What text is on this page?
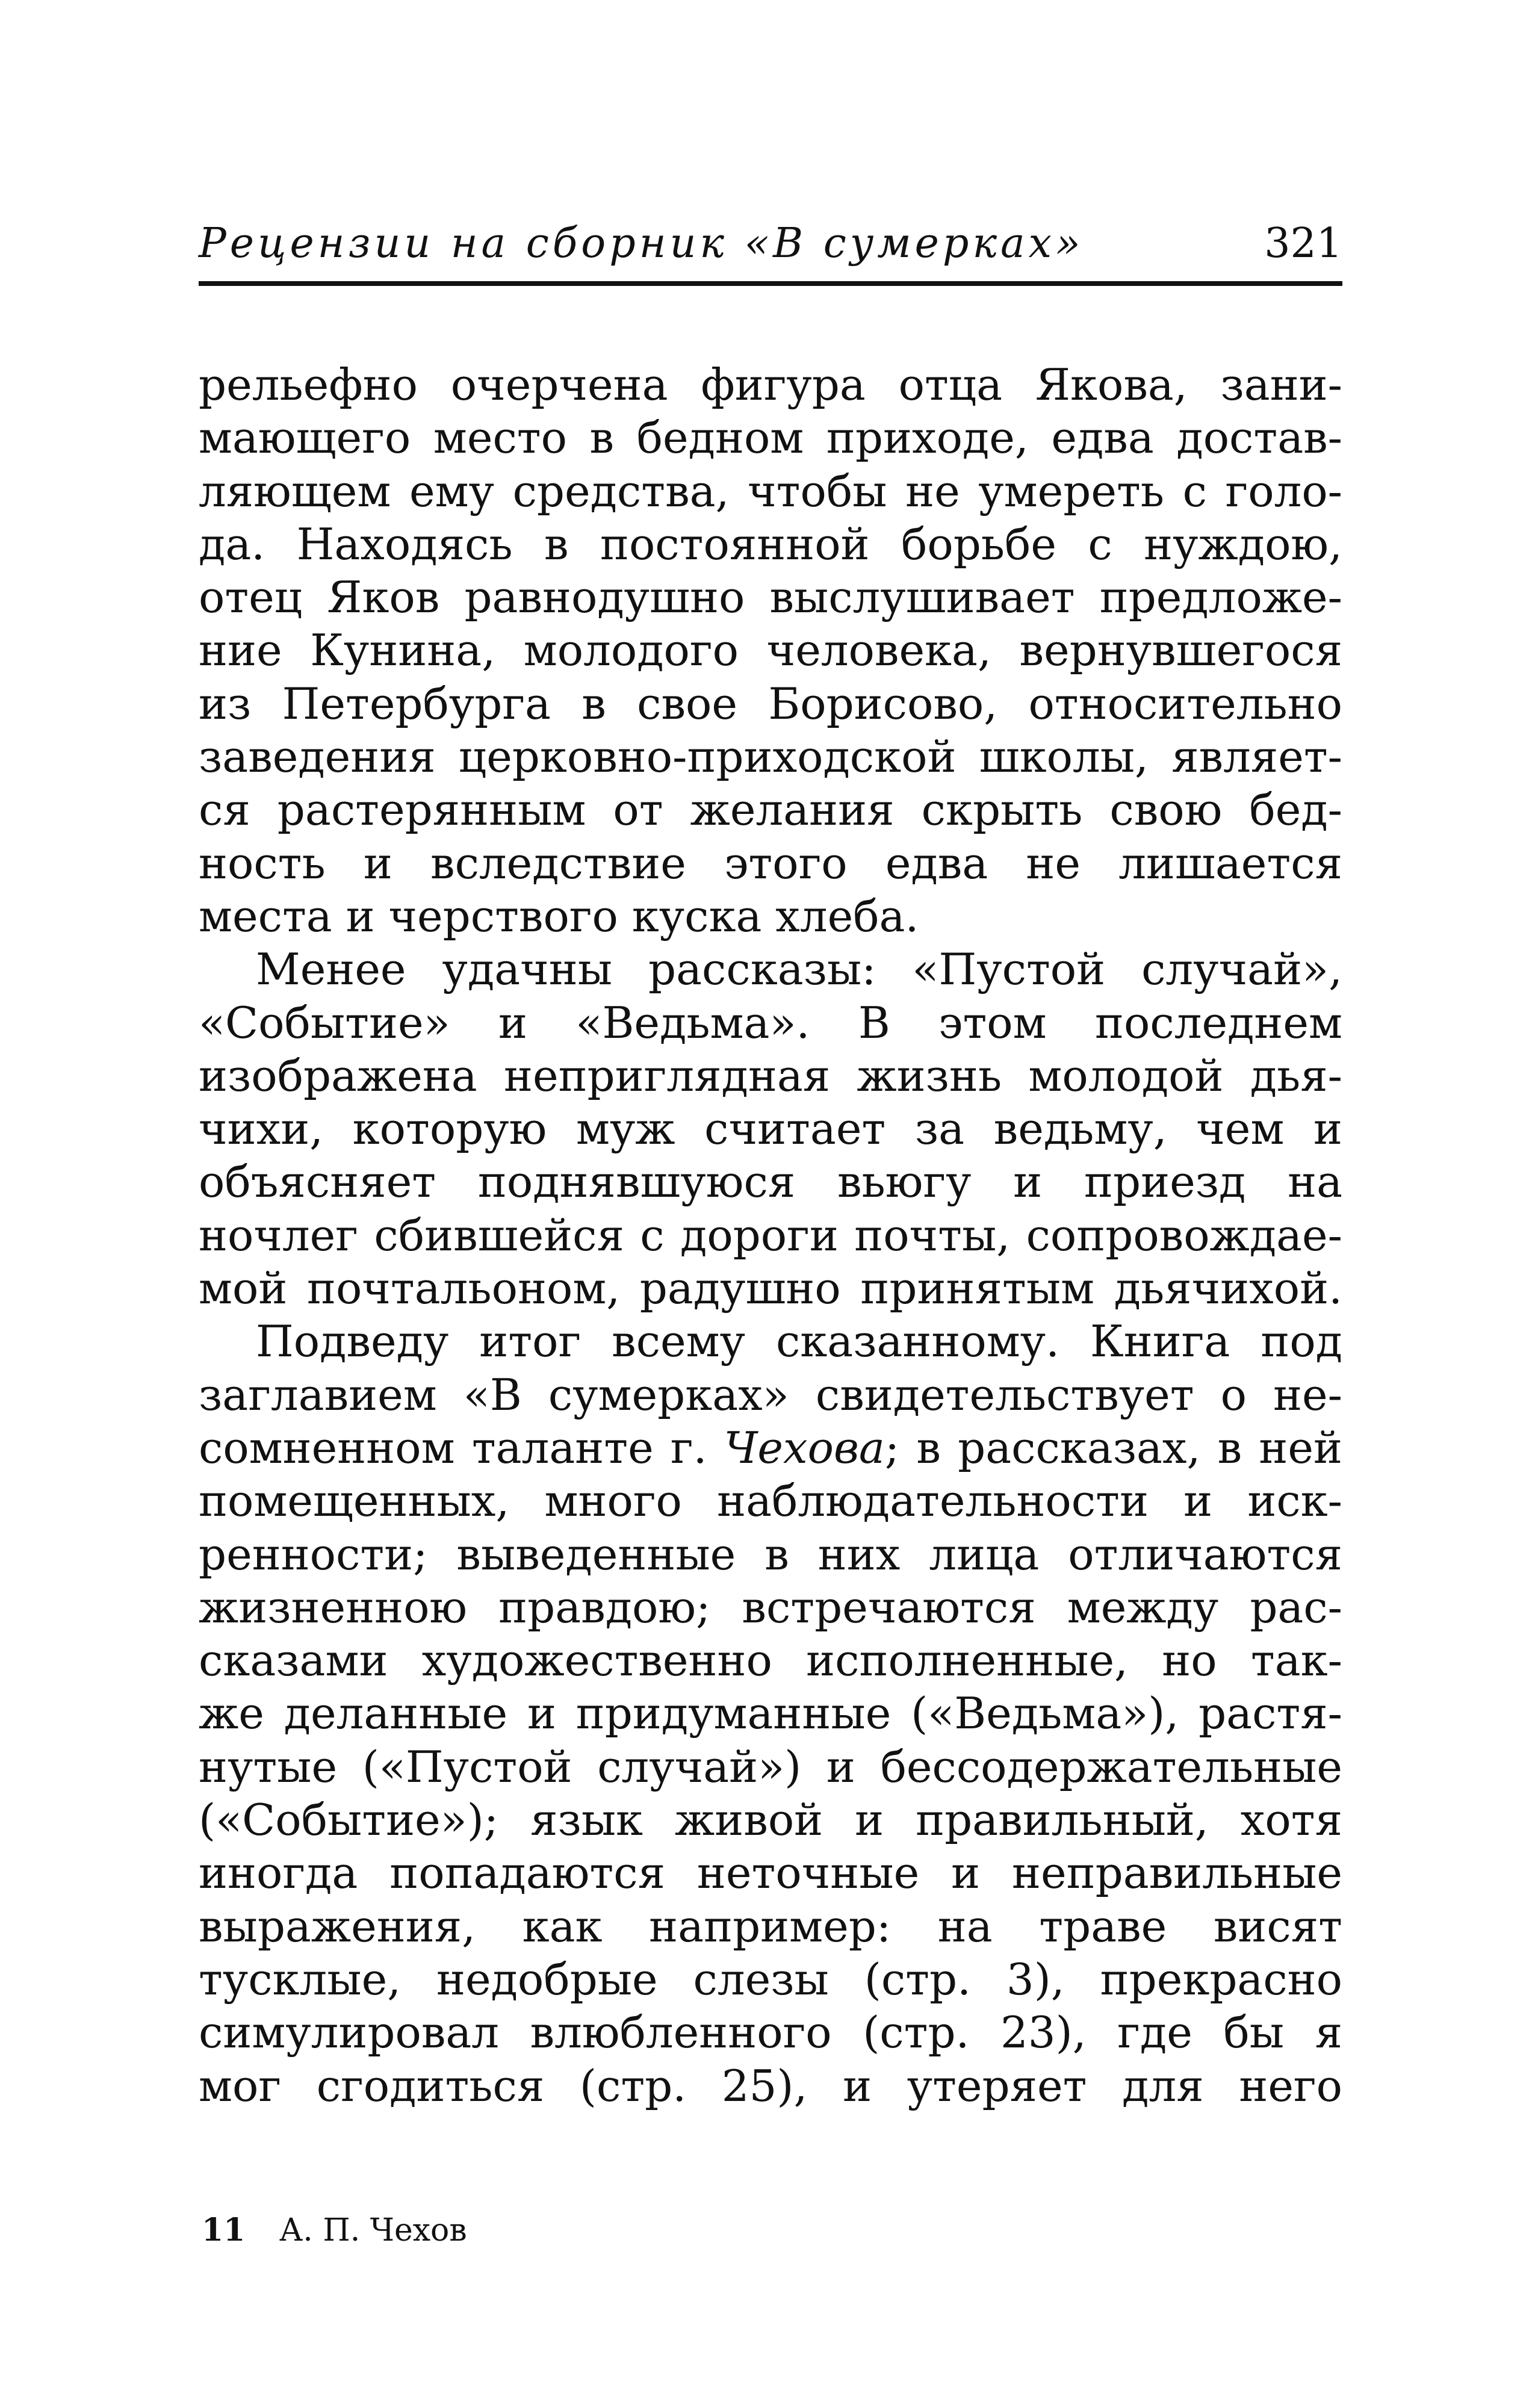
Рецензии на сборник «В сумерках»	321
рельефно очерчена фигура отца Якова, зани-
мающего место в бедном приходе, едва достав-
ляющем ему средства, чтобы не умереть с голо-
да. Находясь в постоянной борьбе с нуждою,
отец Яков равнодушно выслушивает предложе-
ние Кунина, молодого человека, вернувшегося
из Петербурга в свое Борисово, относительно
заведения церковно-приходской школы, являет-
ся растерянным от желания скрыть свою бед-
ность и вследствие этого едва не лишается
места и черствого куска хлеба.
Менее удачны рассказы: «Пустой случай»,
«Событие» и «Ведьма». В этом последнем
изображена неприглядная жизнь молодой дья-
чихи, которую муж считает за ведьму, чем и
объясняет поднявшуюся вьюгу и приезд на
ночлег сбившейся с дороги почты, сопровождае-
мой почтальоном, радушно принятым дьячихой.
Подведу итог всему сказанному. Книга под
заглавием «В сумерках» свидетельствует о не-
сомненном таланте г. Чехова; в рассказах, в ней
помещенных, много наблюдательности и иск-
ренности; выведенные в них лица отличаются
жизненною правдою; встречаются между рас-
сказами художественно исполненные, но так-
же деланные и придуманные («Ведьма»), растя-
нутые («Пустой случай») и бессодержательные
(«Событие»); язык живой и правильный, хотя
иногда попадаются неточные и неправильные
выражения, как например: на траве висят
тусклые, недобрые слезы (стр. 3), прекрасно
симулировал влюбленного (стр. 23), где бы я
мог сгодиться (стр. 25), и утеряет для него
11 А. П. Чехов
